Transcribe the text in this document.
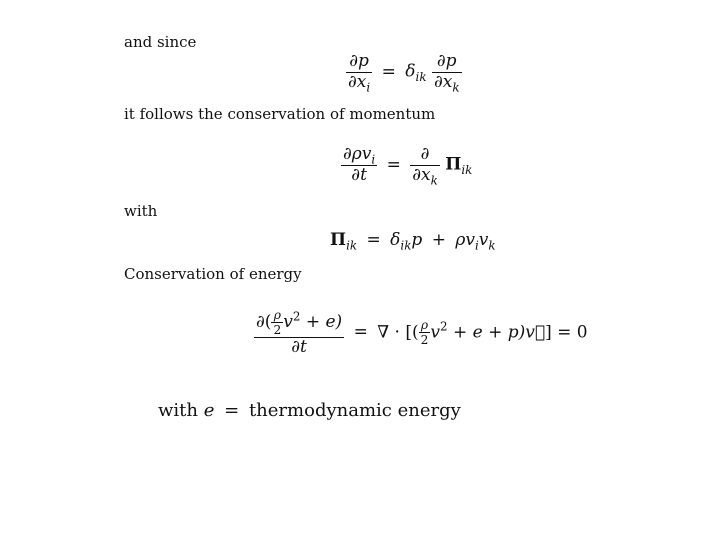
and since
$\frac{\partial p}{\partial x_i} = \delta_{ik} \frac{\partial p}{\partial x_k}$
it follows the conservation of momentum
$\frac{\partial\rho v_i}{\partial t} = \frac{\partial}{\partial x_k} \Pi_{ik}$
with
$\Pi_{ik} = \delta_{ik}p + \rho v_iv_k$
Conservation of energy
$\frac{\partial( \frac{\rho}{2} v^2 + e)}{\partial t}$ = ∇ · [( $\frac{\rho}{2} v^2 + e$ + p)v⃗] = 0
with e = thermodynamic energy
